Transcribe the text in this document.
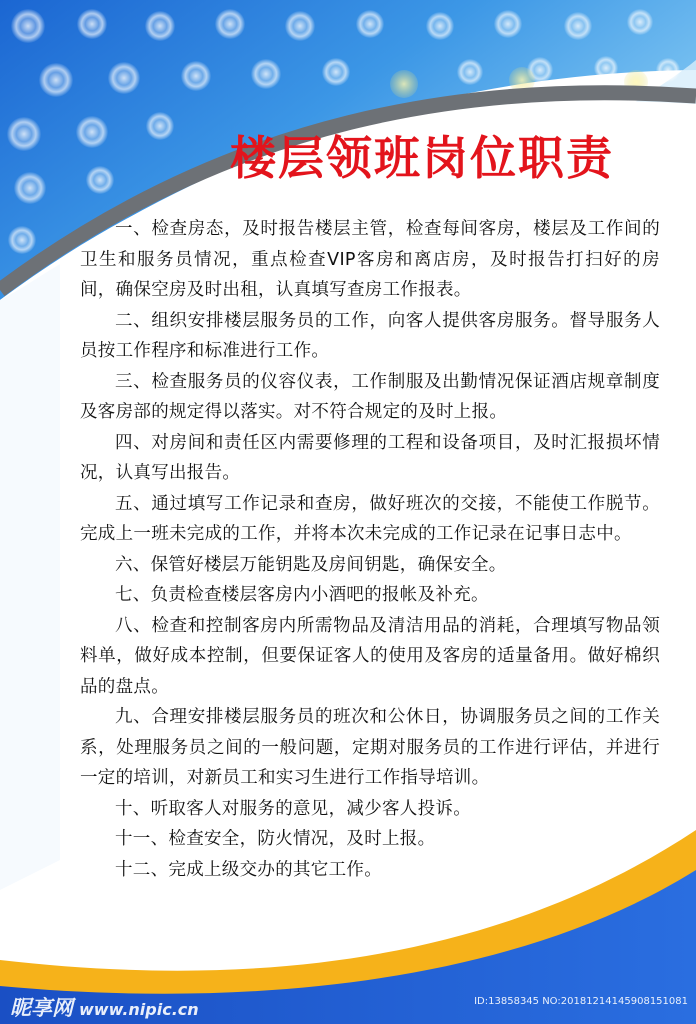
楼层领班岗位职责

一、检查房态，及时报告楼层主管，检查每间客房，楼层及工作间的卫生和服务员情况，重点检查VIP客房和离店房，及时报告打扫好的房间，确保空房及时出租，认真填写查房工作报表。

二、组织安排楼层服务员的工作，向客人提供客房服务。督导服务人员按工作程序和标准进行工作。

三、检查服务员的仪容仪表，工作制服及出勤情况保证酒店规章制度及客房部的规定得以落实。对不符合规定的及时上报。

四、对房间和责任区内需要修理的工程和设备项目，及时汇报损坏情况，认真写出报告。

五、通过填写工作记录和查房，做好班次的交接，不能使工作脱节。完成上一班未完成的工作，并将本次未完成的工作记录在记事日志中。

六、保管好楼层万能钥匙及房间钥匙，确保安全。

七、负责检查楼层客房内小酒吧的报帐及补充。

八、检查和控制客房内所需物品及清洁用品的消耗，合理填写物品领料单，做好成本控制，但要保证客人的使用及客房的适量备用。做好棉织品的盘点。

九、合理安排楼层服务员的班次和公休日，协调服务员之间的工作关系，处理服务员之间的一般问题，定期对服务员的工作进行评估，并进行一定的培训，对新员工和实习生进行工作指导培训。

十、听取客人对服务的意见，减少客人投诉。

十一、检查安全，防火情况，及时上报。

十二、完成上级交办的其它工作。

昵享网 www.nipic.cn	ID:13858345 NO:20181214145908151081
